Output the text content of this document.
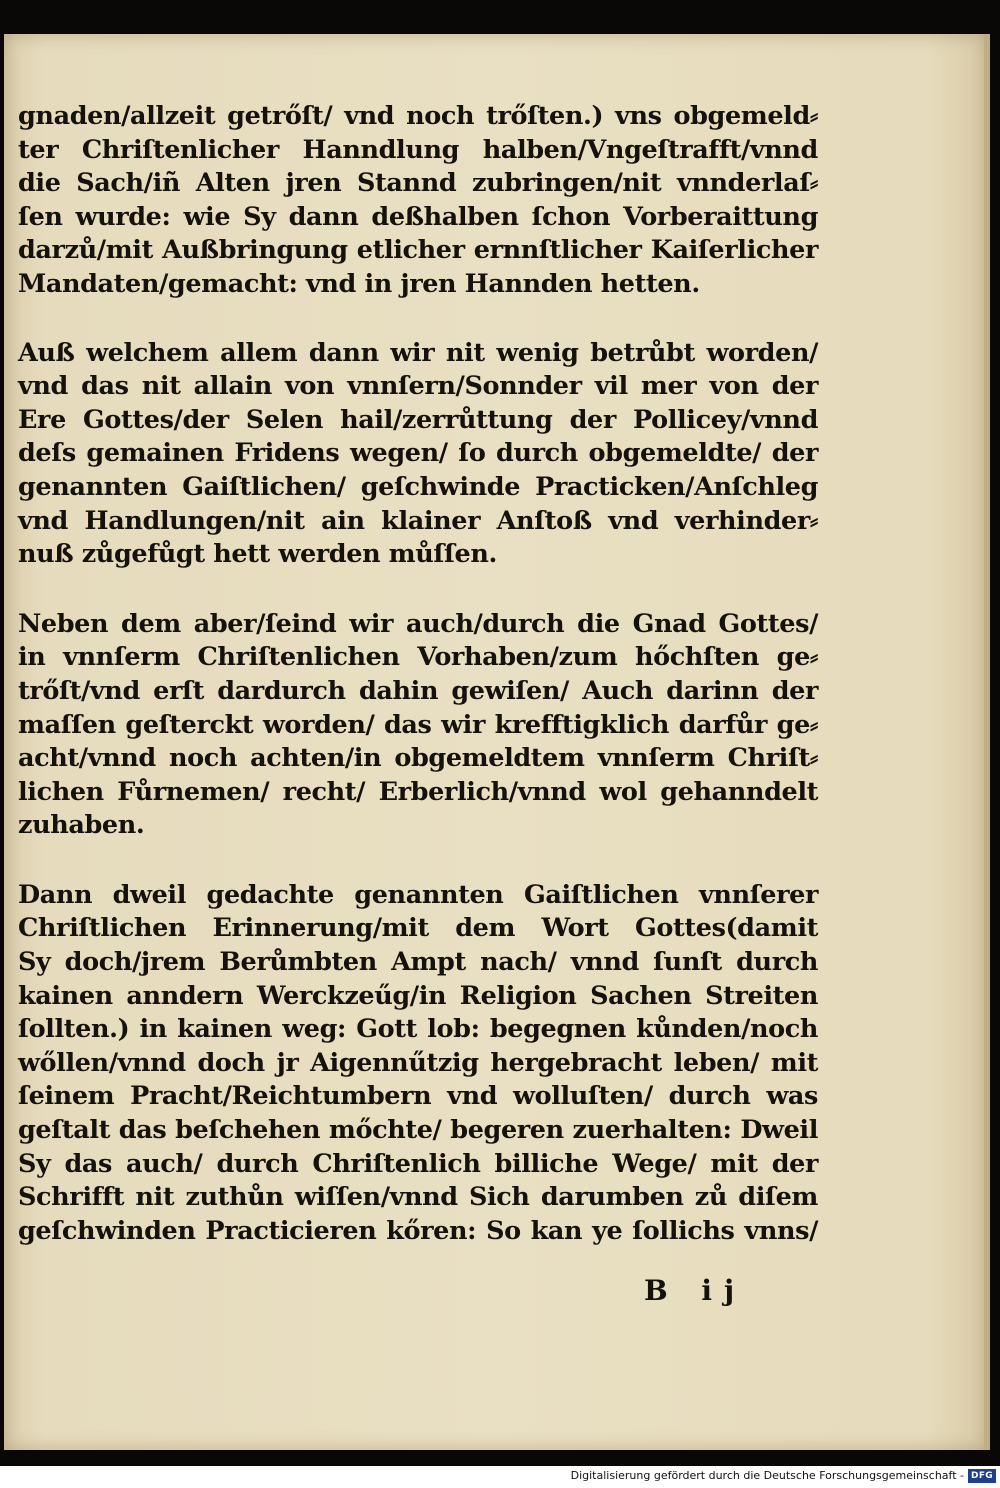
gnaden/allzeit getrőſt/ vnd noch trőſten.) vns obgemeld⸗
ter Chriſtenlicher Hanndlung halben/Vngeſtrafft/vnnd
die Sach/iñ Alten jren Stannd zubringen/nit vnnderlaſ⸗
ſen wurde: wie Sy dann deßhalben ſchon Vorberaittung
darzů/mit Außbringung etlicher ernnſtlicher Kaiſerlicher
Mandaten/gemacht: vnd in jren Hannden hetten.
Auß welchem allem dann wir nit wenig betrůbt worden/
vnd das nit allain von vnnſern/Sonnder vil mer von der
Ere Gottes/der Selen hail/zerrůttung der Pollicey/vnnd
deſs gemainen Fridens wegen/ ſo durch obgemeldte/ der
genannten Gaiſtlichen/ geſchwinde Practicken/Anſchleg
vnd Handlungen/nit ain klainer Anſtoß vnd verhinder⸗
nuß zůgefůgt hett werden můſſen.
Neben dem aber/ſeind wir auch/durch die Gnad Gottes/
in vnnſerm Chriſtenlichen Vorhaben/zum hőchſten ge⸗
trőſt/vnd erſt dardurch dahin gewiſen/ Auch darinn der
maſſen geſterckt worden/ das wir krefftigklich darfůr ge⸗
acht/vnnd noch achten/in obgemeldtem vnnſerm Chriſt⸗
lichen Fůrnemen/ recht/ Erberlich/vnnd wol gehanndelt
zuhaben.
Dann dweil gedachte genannten Gaiſtlichen vnnſerer
Chriſtlichen Erinnerung/mit dem Wort Gottes(damit
Sy doch/jrem Berůmbten Ampt nach/ vnnd ſunſt durch
kainen anndern Werckzeűg/in Religion Sachen Streiten
ſollten.) in kainen weg: Gott lob: begegnen kůnden/noch
wőllen/vnnd doch jr Aigennűtzig hergebracht leben/ mit
ſeinem Pracht/Reichtumbern vnd wolluſten/ durch was
geſtalt das beſchehen mőchte/ begeren zuerhalten: Dweil
Sy das auch/ durch Chriſtenlich billiche Wege/ mit der
Schrifft nit zuthůn wiſſen/vnnd Sich darumben zů diſem
geſchwinden Practicieren kőren: So kan ye ſollichs vnns/
B ij
Digitalisierung gefördert durch die Deutsche Forschungsgemeinschaft - DFG
